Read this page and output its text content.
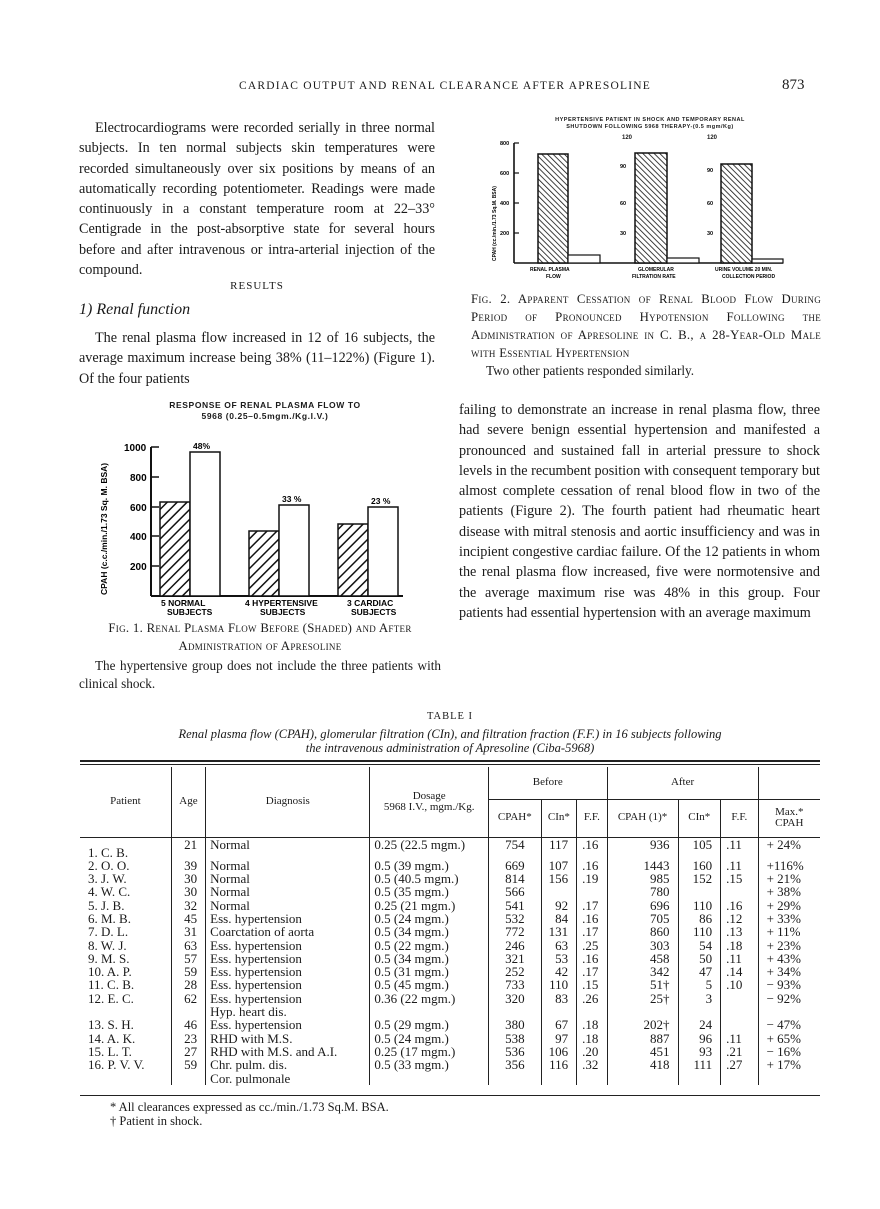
CARDIAC OUTPUT AND RENAL CLEARANCE AFTER APRESOLINE	873

Electrocardiograms were recorded serially in three normal subjects. In ten normal subjects skin temperatures were recorded simultaneously over six positions by means of an automatically recording potentiometer. Readings were made continuously in a constant temperature room at 22–33° Centigrade in the post-absorptive state for several hours before and after intravenous or intra-arterial injection of the compound.

RESULTS
1) Renal function

The renal plasma flow increased in 12 of 16 subjects, the average maximum increase being 38% (11–122%) (Figure 1). Of the four patients

RESPONSE OF RENAL PLASMA FLOW TO
5968 (0.25–0.5mgm./Kg.I.V.)
1000
800
600
400
200
CPAH (c.c./min./1.73 Sq. M. BSA)
48%
33 %	23 %
5 NORMAL
SUBJECTS
4 HYPERTENSIVE
SUBJECTS
3 CARDIAC
SUBJECTS
Fig. 1. Renal Plasma Flow Before (Shaded) and After Administration of Apresoline

The hypertensive group does not include the three patients with clinical shock.

HYPERTENSIVE PATIENT IN SHOCK AND TEMPORARY RENAL
SHUTDOWN FOLLOWING 5968 THERAPY-(0.5 mgm/Kg)
800
600
400
200
CPAH (cc./min./1.73 Sq.M. BSA)
RENAL PLASMA
FLOW
90
60
30
GLOMERULAR
FILTRATION RATE
90
60
30
URINE VOLUME 20 MIN.
COLLECTION PERIOD
120	120
Fig. 2. Apparent Cessation of Renal Blood Flow During Period of Pronounced Hypotension Following the Administration of Apresoline in C. B., a 28-Year-Old Male with Essential Hypertension
Two other patients responded similarly.

failing to demonstrate an increase in renal plasma flow, three had severe benign essential hypertension and manifested a pronounced and sustained fall in arterial pressure to shock levels in the recumbent position with consequent temporary but almost complete cessation of renal blood flow in two of the patients (Figure 2). The fourth patient had rheumatic heart disease with mitral stenosis and aortic insufficiency and was in incipient congestive cardiac failure. Of the 12 patients in whom the renal plasma flow increased, five were normotensive and the average maximum rise was 48% in this group. Four patients had essential hypertension with an average maximum

TABLE I
Renal plasma flow (CPAH), glomerular filtration (CIn), and filtration fraction (F.F.) in 16 subjects following
the intravenous administration of Apresoline (Ciba-5968)
Patient	Age	Diagnosis	Dosage
5968 I.V., mgm./Kg.	Before			After			
				CPAH*	CIn*	F.F.	CPAH (1)*	CIn*	F.F.	Max.*
CPAH

1. C. B.	21	Normal	0.25 (22.5 mgm.)	754	117	.16	936	105	.11	+ 24%
2. O. O.	39	Normal	0.5 (39 mgm.)	669	107	.16	1443	160	.11	+116%
3. J. W.	30	Normal	0.5 (40.5 mgm.)	814	156	.19	985	152	.15	+ 21%
4. W. C.	30	Normal	0.5 (35 mgm.)	566			780			+ 38%
5. J. B.	32	Normal	0.25 (21 mgm.)	541	92	.17	696	110	.16	+ 29%
6. M. B.	45	Ess. hypertension	0.5 (24 mgm.)	532	84	.16	705	86	.12	+ 33%
7. D. L.	31	Coarctation of aorta	0.5 (34 mgm.)	772	131	.17	860	110	.13	+ 11%
8. W. J.	63	Ess. hypertension	0.5 (22 mgm.)	246	63	.25	303	54	.18	+ 23%
9. M. S.	57	Ess. hypertension	0.5 (34 mgm.)	321	53	.16	458	50	.11	+ 43%
10. A. P.	59	Ess. hypertension	0.5 (31 mgm.)	252	42	.17	342	47	.14	+ 34%
11. C. B.	28	Ess. hypertension	0.5 (45 mgm.)	733	110	.15	51†	5	.10	− 93%
12. E. C.	62	Ess. hypertension
Hyp. heart dis.	0.36 (22 mgm.)	320	83	.26	25†	3		− 92%
13. S. H.	46	Ess. hypertension	0.5 (29 mgm.)	380	67	.18	202†	24		− 47%
14. A. K.	23	RHD with M.S.	0.5 (24 mgm.)	538	97	.18	887	96	.11	+ 65%
15. L. T.	27	RHD with M.S. and A.I.	0.25 (17 mgm.)	536	106	.20	451	93	.21	− 16%
16. P. V. V.	59	Chr. pulm. dis.
Cor. pulmonale	0.5 (33 mgm.)	356	116	.32	418	111	.27	+ 17%
* All clearances expressed as cc./min./1.73 Sq.M. BSA.
† Patient in shock.
